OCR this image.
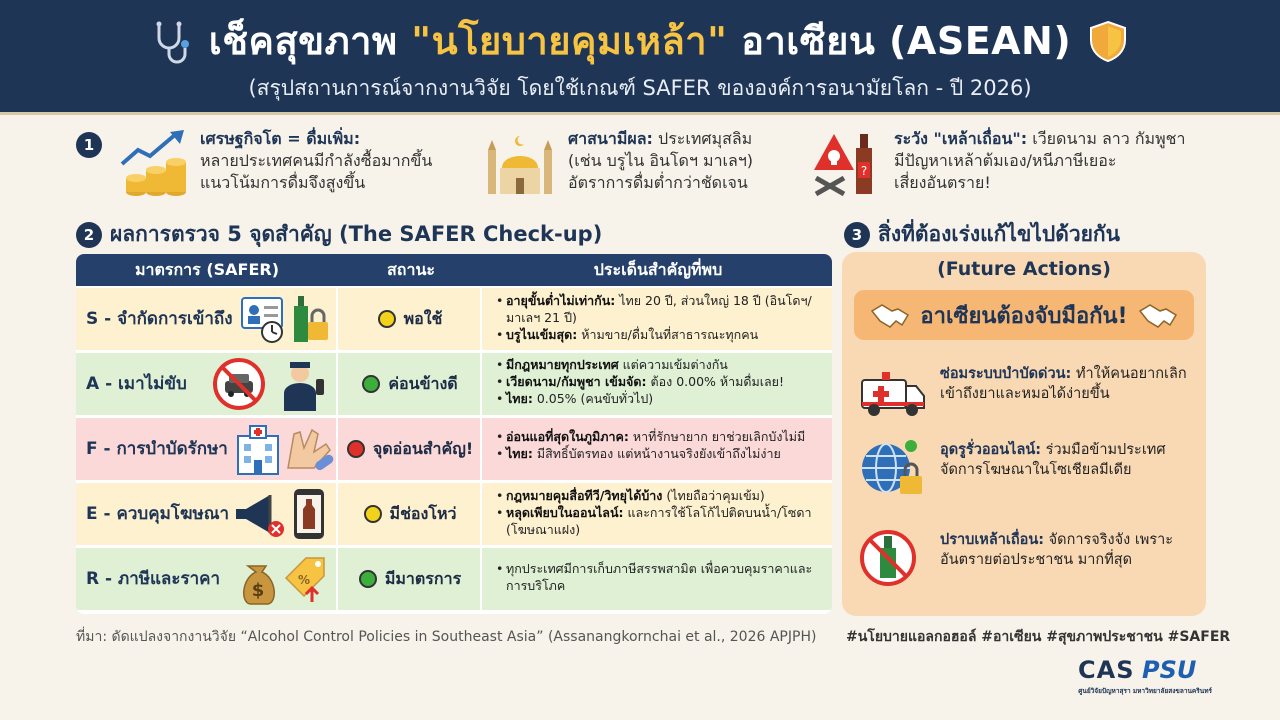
เช็คสุขภาพ "นโยบายคุมเหล้า" อาเซียน (ASEAN)
(สรุปสถานการณ์จากงานวิจัย โดยใช้เกณฑ์ SAFER ขององค์การอนามัยโลก - ปี 2026)
1	เศรษฐกิจโต = ดื่มเพิ่ม:
หลายประเทศคนมีกำลังซื้อมากขึ้น
แนวโน้มการดื่มจึงสูงขึ้น
ศาสนามีผล: ประเทศมุสลิม
(เช่น บรูไน อินโดฯ มาเลฯ)
อัตราการดื่มต่ำกว่าชัดเจน
?
ระวัง "เหล้าเถื่อน": เวียดนาม ลาว กัมพูชา
มีปัญหาเหล้าต้มเอง/หนีภาษีเยอะ
เสี่ยงอันตราย!
2 ผลการตรวจ 5 จุดสำคัญ (The SAFER Check-up)
มาตรการ (SAFER)	สถานะ	ประเด็นสำคัญที่พบ
S - จำกัดการเข้าถึง	พอใช้
• อายุขั้นต่ำไม่เท่ากัน: ไทย 20 ปี, ส่วนใหญ่ 18 ปี (อินโดฯ/มาเลฯ 21 ปี)
• บรูไนเข้มสุด: ห้ามขาย/ดื่มในที่สาธารณะทุกคน
A - เมาไม่ขับ	ค่อนข้างดี
• มีกฎหมายทุกประเทศ แต่ความเข้มต่างกัน
• เวียดนาม/กัมพูชา เข้มจัด: ต้อง 0.00% ห้ามดื่มเลย!
• ไทย: 0.05% (คนขับทั่วไป)
F - การบำบัดรักษา	จุดอ่อนสำคัญ!
• อ่อนแอที่สุดในภูมิภาค: หาที่รักษายาก ยาช่วยเลิกบังไม่มี
• ไทย: มีสิทธิ์บัตรทอง แต่หน้างานจริงยังเข้าถึงไม่ง่าย
E - ควบคุมโฆษณา	มีช่องโหว่
• กฎหมายคุมสื่อทีวี/วิทยุได้บ้าง (ไทยถือว่าคุมเข้ม)
• หลุดเพียบในออนไลน์: และการใช้โลโก้ไปติดบนน้ำ/โซดา (โฆษณาแฝง)
R - ภาษีและราคา
$	%	มีมาตรการ
•	ทุกประเทศมีการเก็บภาษีสรรพสามิต เพื่อควบคุมราคาและการบริโภค
ที่มา: ดัดแปลงจากงานวิจัย “Alcohol Control Policies in Southeast Asia” (Assanangkornchai et al., 2026 APJPH)
3 สิ่งที่ต้องเร่งแก้ไขไปด้วยกัน
(Future Actions)
อาเซียนต้องจับมือกัน!
ซ่อมระบบบำบัดด่วน: ทำให้คนอยากเลิก เข้าถึงยาและหมอได้ง่ายขึ้น
อุดรูรั่วออนไลน์: ร่วมมือข้ามประเทศ จัดการโฆษณาในโซเชียลมีเดีย
ปราบเหล้าเถื่อน: จัดการจริงจัง เพราะอันตรายต่อประชาชน มากที่สุด
#นโยบายแอลกอฮอล์ #อาเซียน #สุขภาพประชาชน #SAFER
CAS PSU
ศูนย์วิจัยปัญหาสุรา มหาวิทยาลัยสงขลานครินทร์
